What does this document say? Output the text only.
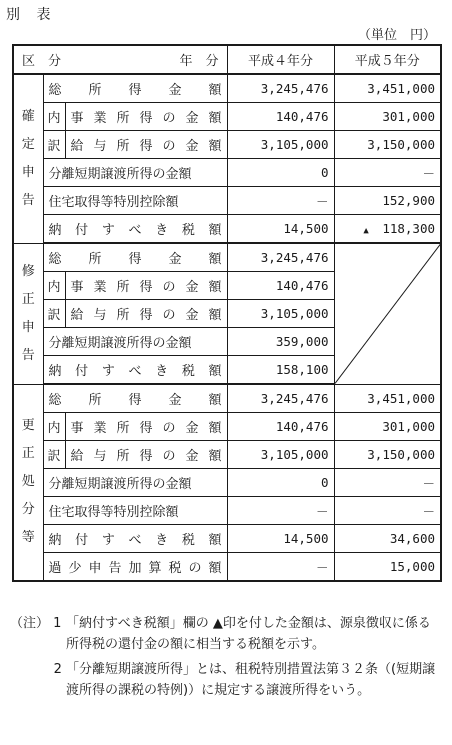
別 表
（単位　円）
区　分 年　分			平成４年分	平成５年分

確
定
申
告	総　所　得　金　額		3,245,476	3,451,000
	内	事業所得の金額	140,476	301,000
	訳	給与所得の金額	3,105,000	3,150,000
	分離短期譲渡所得の金額		0	－
	住宅取得等特別控除額		－	152,900
	納 付 す べ き 税 額		14,500	▲ 118,300

修
正
申
告	総　所　得　金　額		3,245,476	

	内	事業所得の金額	140,476	
	訳	給与所得の金額	3,105,000	
	分離短期譲渡所得の金額		359,000	
	納 付 す べ き 税 額		158,100	

更
正
処
分
等	総　所　得　金　額		3,245,476	3,451,000
	内	事業所得の金額	140,476	301,000
	訳	給与所得の金額	3,105,000	3,150,000
	分離短期譲渡所得の金額		0	－
	住宅取得等特別控除額		－	－
	納 付 す べ き 税 額		14,500	34,600
	過少申告加算税の額		－	15,000
（注） 1 「納付すべき税額」欄の ▲印を付した金額は、源泉徴収に係る所得税の還付金の額に相当する税額を示す。
2 「分離短期譲渡所得」とは、租税特別措置法第３２条（(短期譲渡所得の課税の特例)）に規定する譲渡所得をいう。
